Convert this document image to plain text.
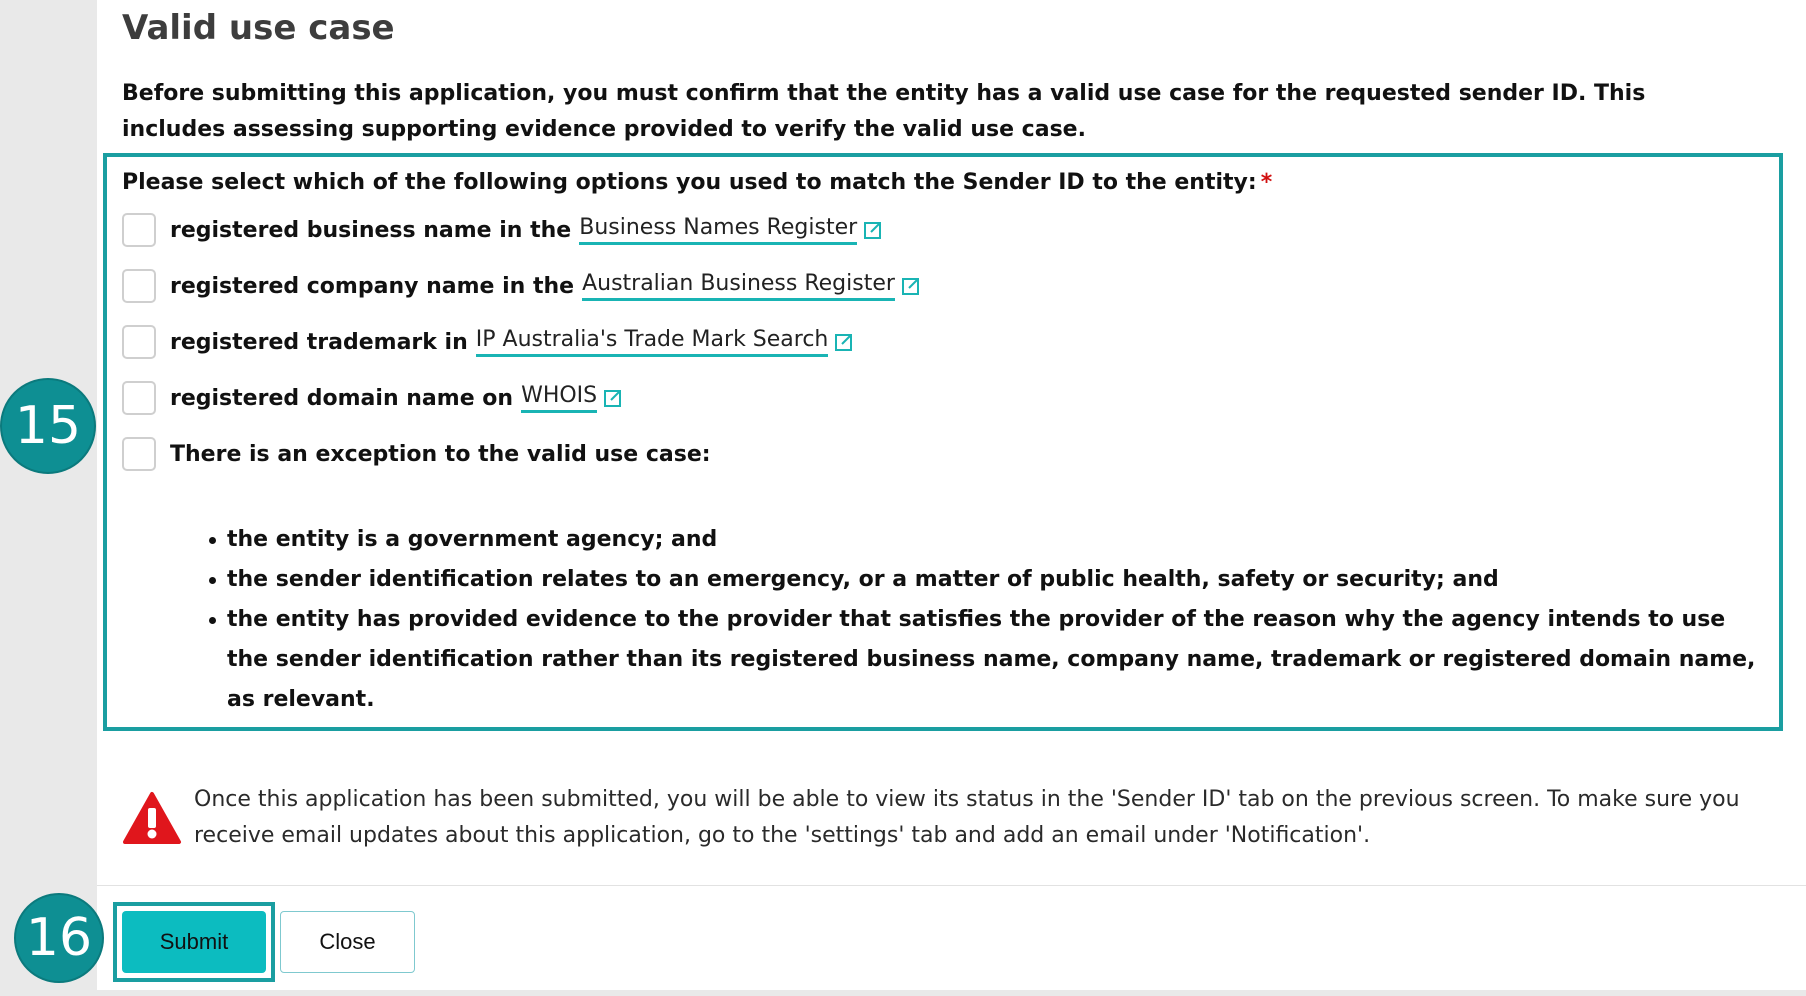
Valid use case

Before submitting this application, you must confirm that the entity has a valid use case for the requested sender ID. This includes assessing supporting evidence provided to verify the valid use case.

Please select which of the following options you used to match the Sender ID to the entity: *
registered business name in the Business Names Register
registered company name in the Australian Business Register
registered trademark in IP Australia's Trade Mark Search
registered domain name on WHOIS
There is an exception to the valid use case:
the entity is a government agency; and
the sender identification relates to an emergency, or a matter of public health, safety or security; and
the entity has provided evidence to the provider that satisfies the provider of the reason why the agency intends to use the sender identification rather than its registered business name, company name, trademark or registered domain name, as relevant.

Once this application has been submitted, you will be able to view its status in the 'Sender ID' tab on the previous screen. To make sure you receive email updates about this application, go to the 'settings' tab and add an email under 'Notification'.

Submit	Close
15
16
